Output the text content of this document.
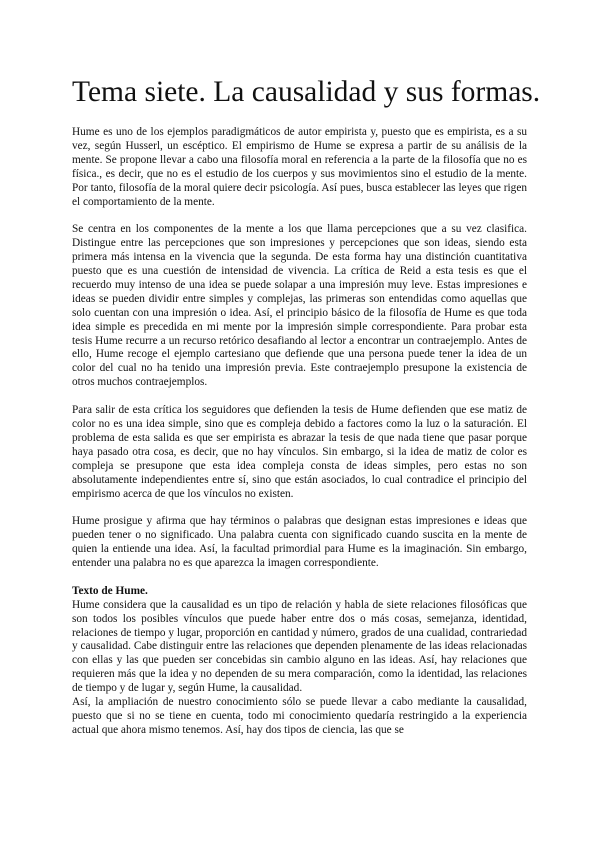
Tema siete. La causalidad y sus formas.

Hume es uno de los ejemplos paradigmáticos de autor empirista y, puesto que es empirista, es a su vez, según Husserl, un escéptico. El empirismo de Hume se expresa a partir de su análisis de la mente. Se propone llevar a cabo una filosofía moral en referencia a la parte de la filosofía que no es física., es decir, que no es el estudio de los cuerpos y sus movimientos sino el estudio de la mente. Por tanto, filosofía de la moral quiere decir psicología. Así pues, busca establecer las leyes que rigen el comportamiento de la mente.

Se centra en los componentes de la mente a los que llama percepciones que a su vez clasifica. Distingue entre las percepciones que son impresiones y percepciones que son ideas, siendo esta primera más intensa en la vivencia que la segunda. De esta forma hay una distinción cuantitativa puesto que es una cuestión de intensidad de vivencia. La crítica de Reid a esta tesis es que el recuerdo muy intenso de una idea se puede solapar a una impresión muy leve. Estas impresiones e ideas se pueden dividir entre simples y complejas, las primeras son entendidas como aquellas que solo cuentan con una impresión o idea. Así, el principio básico de la filosofía de Hume es que toda idea simple es precedida en mi mente por la impresión simple correspondiente. Para probar esta tesis Hume recurre a un recurso retórico desafiando al lector a encontrar un contraejemplo. Antes de ello, Hume recoge el ejemplo cartesiano que defiende que una persona puede tener la idea de un color del cual no ha tenido una impresión previa. Este contraejemplo presupone la existencia de otros muchos contraejemplos.

Para salir de esta crítica los seguidores que defienden la tesis de Hume defienden que ese matiz de color no es una idea simple, sino que es compleja debido a factores como la luz o la saturación. El problema de esta salida es que ser empirista es abrazar la tesis de que nada tiene que pasar porque haya pasado otra cosa, es decir, que no hay vínculos. Sin embargo, si la idea de matiz de color es compleja se presupone que esta idea compleja consta de ideas simples, pero estas no son absolutamente independientes entre sí, sino que están asociados, lo cual contradice el principio del empirismo acerca de que los vínculos no existen.

Hume prosigue y afirma que hay términos o palabras que designan estas impresiones e ideas que pueden tener o no significado. Una palabra cuenta con significado cuando suscita en la mente de quien la entiende una idea. Así, la facultad primordial para Hume es la imaginación. Sin embargo, entender una palabra no es que aparezca la imagen correspondiente.

Texto de Hume.

Hume considera que la causalidad es un tipo de relación y habla de siete relaciones filosóficas que son todos los posibles vínculos que puede haber entre dos o más cosas, semejanza, identidad, relaciones de tiempo y lugar, proporción en cantidad y número, grados de una cualidad, contrariedad y causalidad. Cabe distinguir entre las relaciones que dependen plenamente de las ideas relacionadas con ellas y las que pueden ser concebidas sin cambio alguno en las ideas. Así, hay relaciones que requieren más que la idea y no dependen de su mera comparación, como la identidad, las relaciones de tiempo y de lugar y, según Hume, la causalidad.

Así, la ampliación de nuestro conocimiento sólo se puede llevar a cabo mediante la causalidad, puesto que si no se tiene en cuenta, todo mi conocimiento quedaría restringido a la experiencia actual que ahora mismo tenemos. Así, hay dos tipos de ciencia, las que se
